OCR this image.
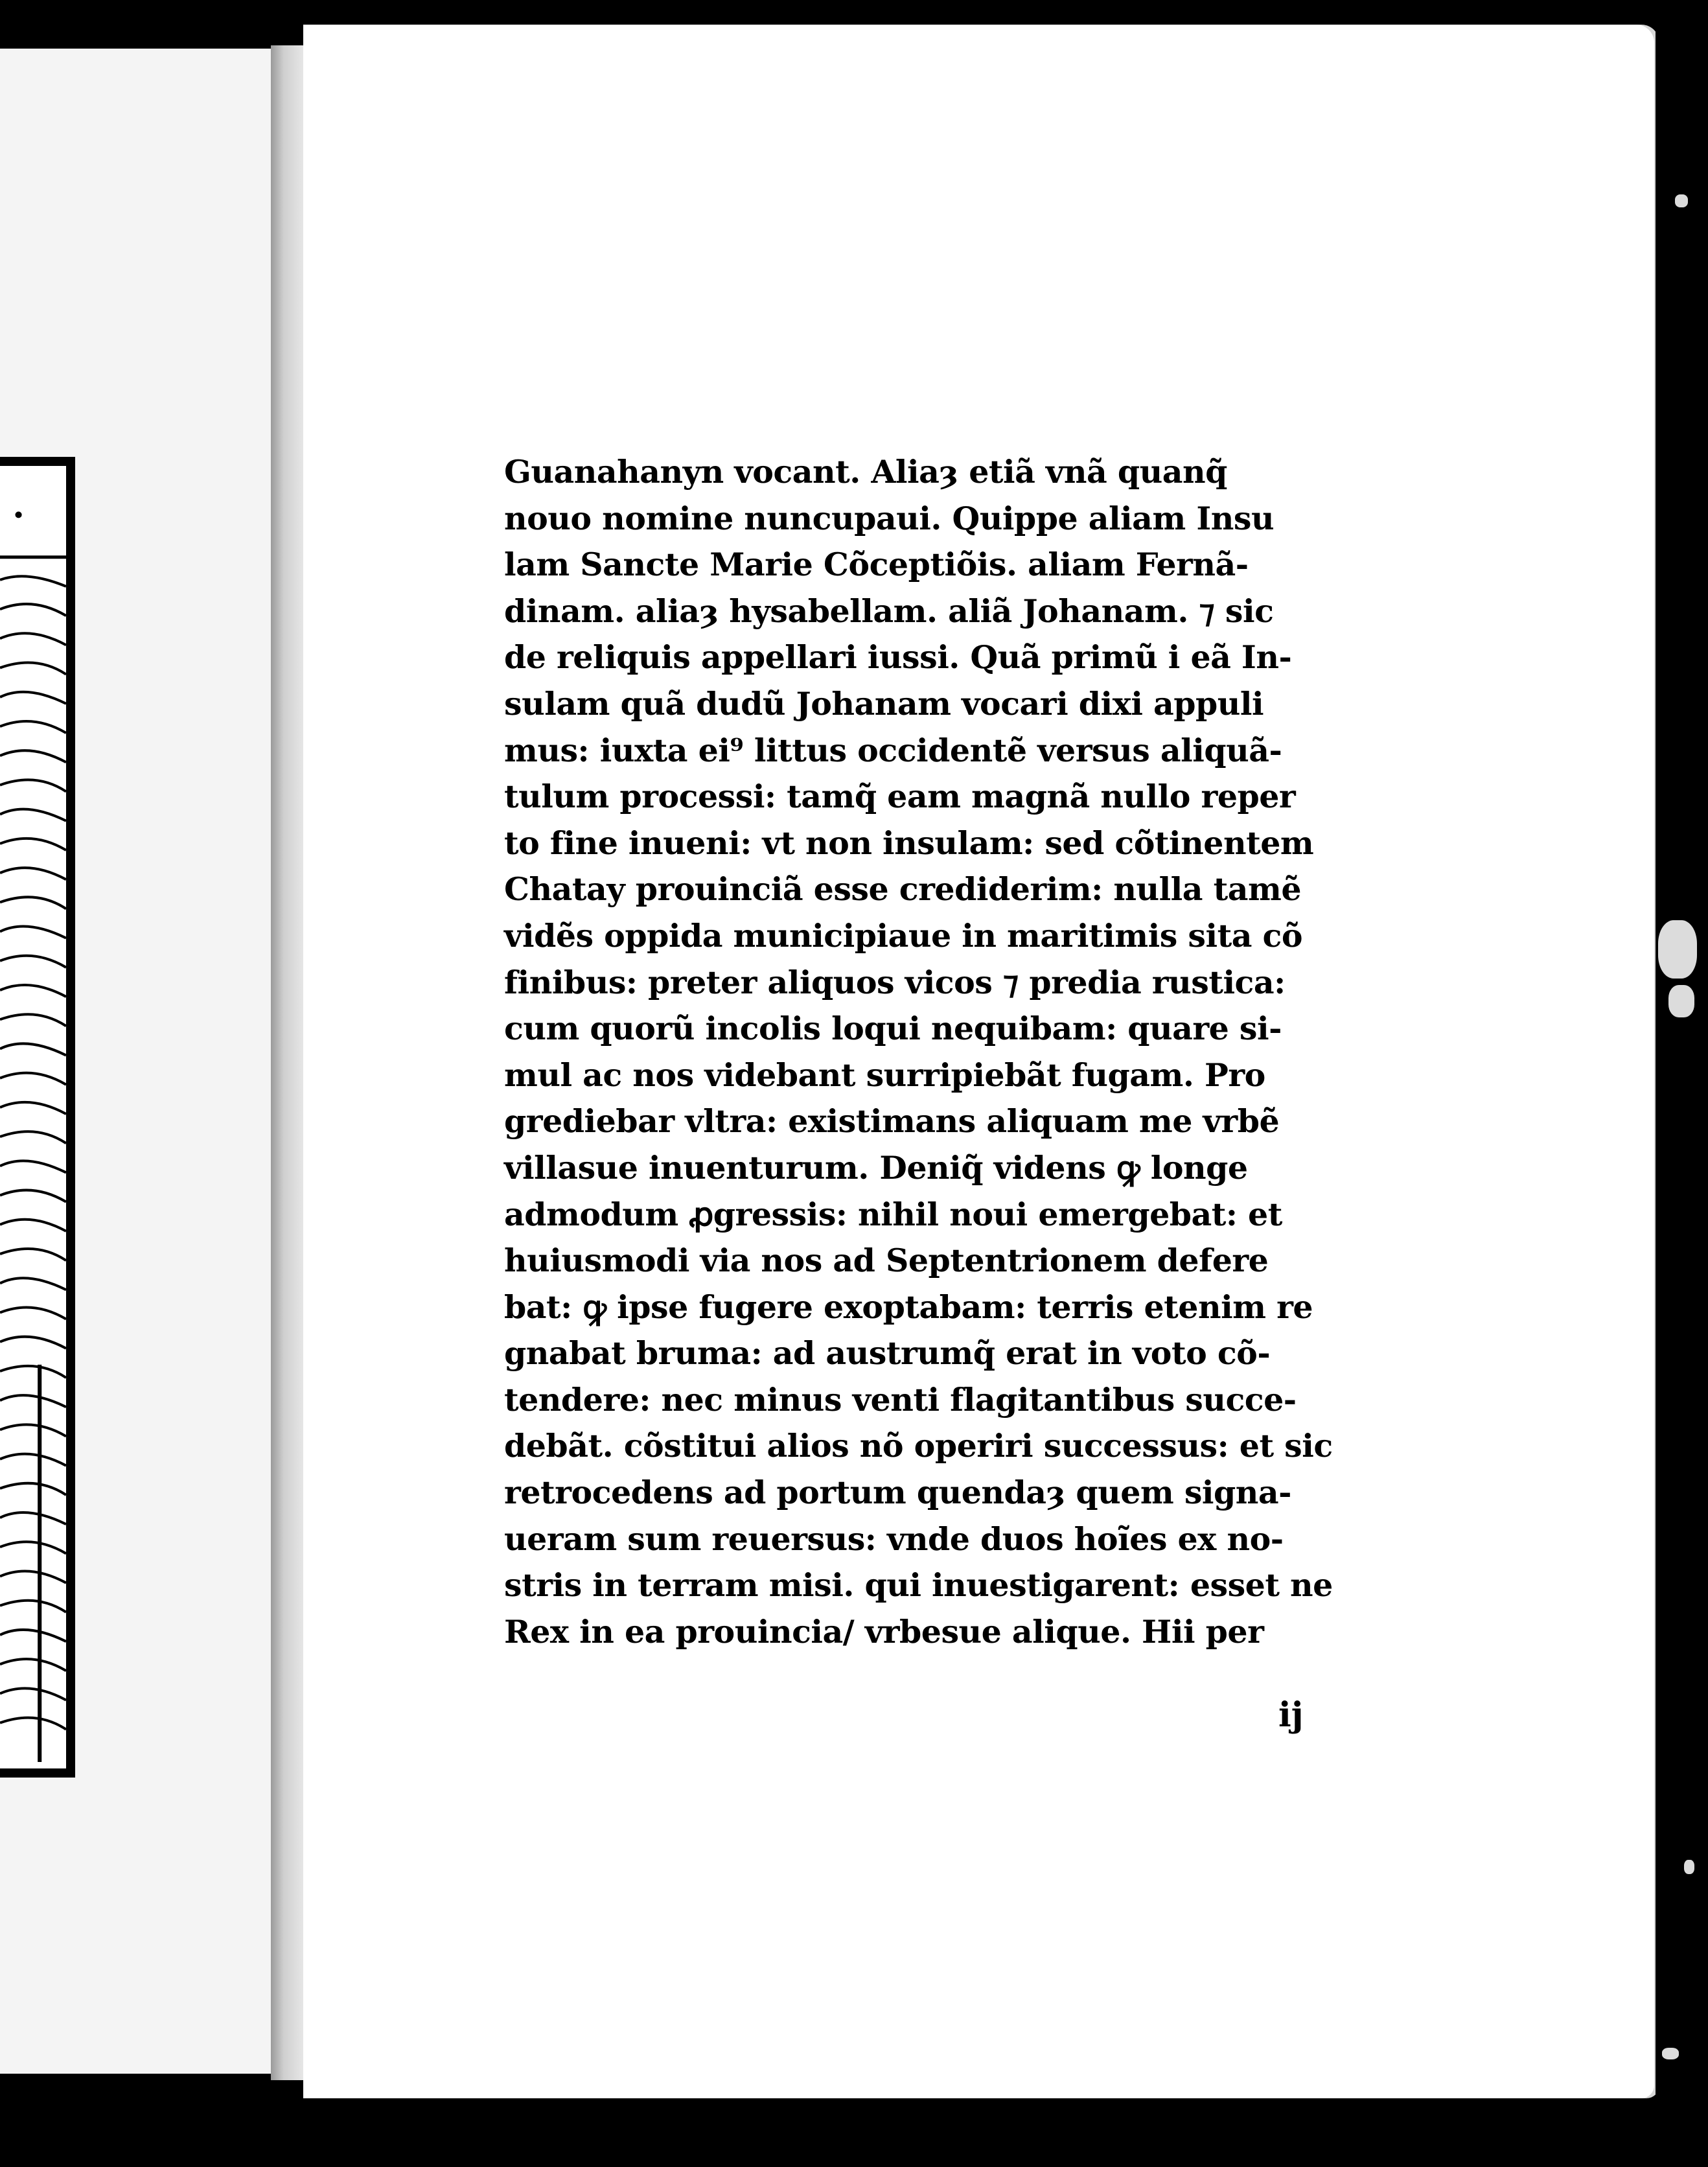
Guanahanyn vocant. Aliaȝ etiã vnã quanq̃
nouo nomine nuncupaui. Quippe aliam Insu
lam Sancte Marie Cõceptiõis. aliam Fernã-
dinam. aliaȝ hysabellam. aliã Johanam. ⁊ sic
de reliquis appellari iussi. Quã primũ i eã In-
sulam quã dudũ Johanam vocari dixi appuli
mus: iuxta ei⁹ littus occidentẽ versus aliquã-
tulum processi: tamq̃ eam magnã nullo reper
to fine inueni: vt non insulam: sed cõtinentem
Chatay prouinciã esse crediderim: nulla tamẽ
vidẽs oppida municipiaue in maritimis sita cõ
finibus: preter aliquos vicos ⁊ predia rustica:
cum quorũ incolis loqui nequibam: quare si-
mul ac nos videbant surripiebãt fugam. Pro
grediebar vltra: existimans aliquam me vrbẽ
villasue inuenturum. Deniq̃ videns ꝙ longe
admodum ꝓgressis: nihil noui emergebat: et
huiusmodi via nos ad Septentrionem defere
bat: ꝙ ipse fugere exoptabam: terris etenim re
gnabat bruma: ad austrumq̃ erat in voto cõ-
tendere: nec minus venti flagitantibus succe-
debãt. cõstitui alios nõ operiri successus: et sic
retrocedens ad portum quendaȝ quem signa-
ueram sum reuersus: vnde duos hoĩes ex no-
stris in terram misi. qui inuestigarent: esset ne
Rex in ea prouincia/ vrbesue alique. Hii per
ij
